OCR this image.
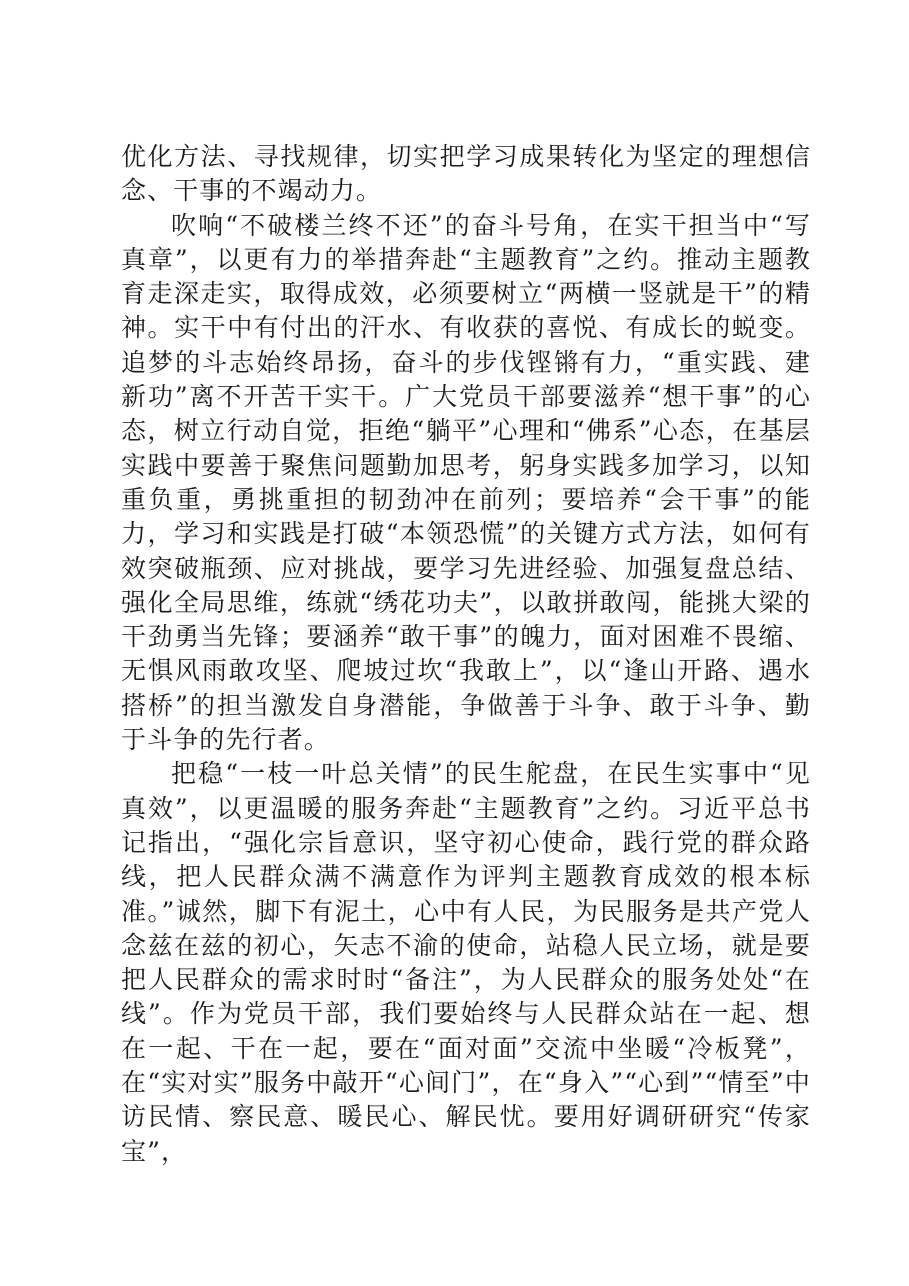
优化方法、寻找规律，切实把学习成果转化为坚定的理想信念、干事的不竭动力。

吹响“不破楼兰终不还”的奋斗号角，在实干担当中“写真章”，以更有力的举措奔赴“主题教育”之约。推动主题教育走深走实，取得成效，必须要树立“两横一竖就是干”的精神。实干中有付出的汗水、有收获的喜悦、有成长的蜕变。追梦的斗志始终昂扬，奋斗的步伐铿锵有力，“重实践、建新功”离不开苦干实干。广大党员干部要滋养“想干事”的心态，树立行动自觉，拒绝“躺平”心理和“佛系”心态，在基层实践中要善于聚焦问题勤加思考，躬身实践多加学习，以知重负重，勇挑重担的韧劲冲在前列；要培养“会干事”的能力，学习和实践是打破“本领恐慌”的关键方式方法，如何有效突破瓶颈、应对挑战，要学习先进经验、加强复盘总结、强化全局思维，练就“绣花功夫”，以敢拼敢闯，能挑大梁的干劲勇当先锋；要涵养“敢干事”的魄力，面对困难不畏缩、无惧风雨敢攻坚、爬坡过坎“我敢上”，以“逢山开路、遇水搭桥”的担当激发自身潜能，争做善于斗争、敢于斗争、勤于斗争的先行者。

把稳“一枝一叶总关情”的民生舵盘，在民生实事中“见真效”，以更温暖的服务奔赴“主题教育”之约。习近平总书记指出，“强化宗旨意识，坚守初心使命，践行党的群众路线，把人民群众满不满意作为评判主题教育成效的根本标准。”诚然，脚下有泥土，心中有人民，为民服务是共产党人念兹在兹的初心，矢志不渝的使命，站稳人民立场，就是要把人民群众的需求时时“备注”，为人民群众的服务处处“在线”。作为党员干部，我们要始终与人民群众站在一起、想在一起、干在一起，要在“面对面”交流中坐暖“冷板凳”，在“实对实”服务中敲开“心间门”，在“身入”“心到”“情至”中访民情、察民意、暖民心、解民忧。要用好调研研究“传家宝”，
